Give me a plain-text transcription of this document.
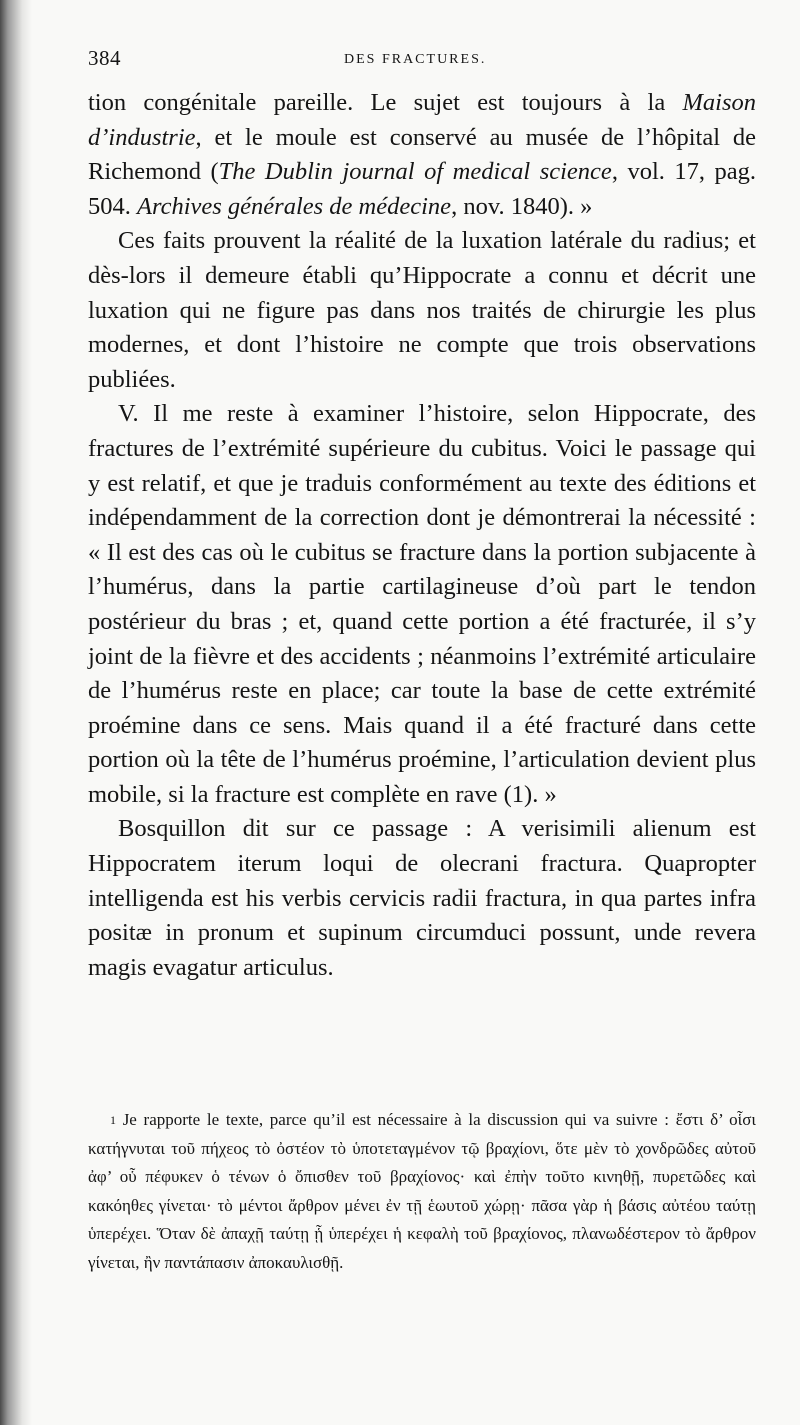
384	DES FRACTURES.

tion congénitale pareille. Le sujet est toujours à la Maison d’industrie, et le moule est conservé au musée de l’hôpital de Richemond (The Dublin journal of medical science, vol. 17, pag. 504. Archives générales de médecine, nov. 1840). »

Ces faits prouvent la réalité de la luxation latérale du radius; et dès-lors il demeure établi qu’Hippocrate a connu et décrit une luxation qui ne figure pas dans nos traités de chirurgie les plus modernes, et dont l’histoire ne compte que trois observations publiées.

V. Il me reste à examiner l’histoire, selon Hippocrate, des fractures de l’extrémité supérieure du cubitus. Voici le passage qui y est relatif, et que je traduis conformément au texte des éditions et indépendamment de la correction dont je démontrerai la nécessité : « Il est des cas où le cubitus se fracture dans la portion subjacente à l’humérus, dans la partie cartilagineuse d’où part le tendon postérieur du bras ; et, quand cette portion a été fracturée, il s’y joint de la fièvre et des accidents ; néanmoins l’extrémité articulaire de l’humérus reste en place; car toute la base de cette extrémité proémine dans ce sens. Mais quand il a été fracturé dans cette portion où la tête de l’humérus proémine, l’articulation devient plus mobile, si la fracture est complète en rave (1). »

Bosquillon dit sur ce passage : A verisimili alienum est Hippocratem iterum loqui de olecrani fractura. Quapropter intelligenda est his verbis cervicis radii fractura, in qua partes infra positæ in pronum et supinum circumduci possunt, unde revera magis evagatur articulus.

$^1$ Je rapporte le texte, parce qu’il est nécessaire à la discussion qui va suivre : ἔστι δ’ οἷσι κατήγνυται τοῦ πήχεος τὸ ὀστέον τὸ ὑποτεταγμένον τῷ βραχίονι, ὅτε μὲν τὸ χονδρῶδες αὐτοῦ ἀφ’ οὗ πέφυκεν ὁ τένων ὁ ὄπισθεν τοῦ βραχίονος· καὶ ἐπὴν τοῦτο κινηθῇ, πυρετῶδες καὶ κακόηθες γίνεται· τὸ μέντοι ἄρθρον μένει ἐν τῇ ἑωυτοῦ χώρῃ· πᾶσα γὰρ ἡ βάσις αὐτέου ταύτῃ ὑπερέχει. Ὅταν δὲ ἀπαχῇ ταύτῃ ᾗ ὑπερέχει ἡ κεφαλὴ τοῦ βραχίονος, πλανωδέστερον τὸ ἄρθρον γίνεται, ἢν παντάπασιν ἀποκαυλισθῇ.
